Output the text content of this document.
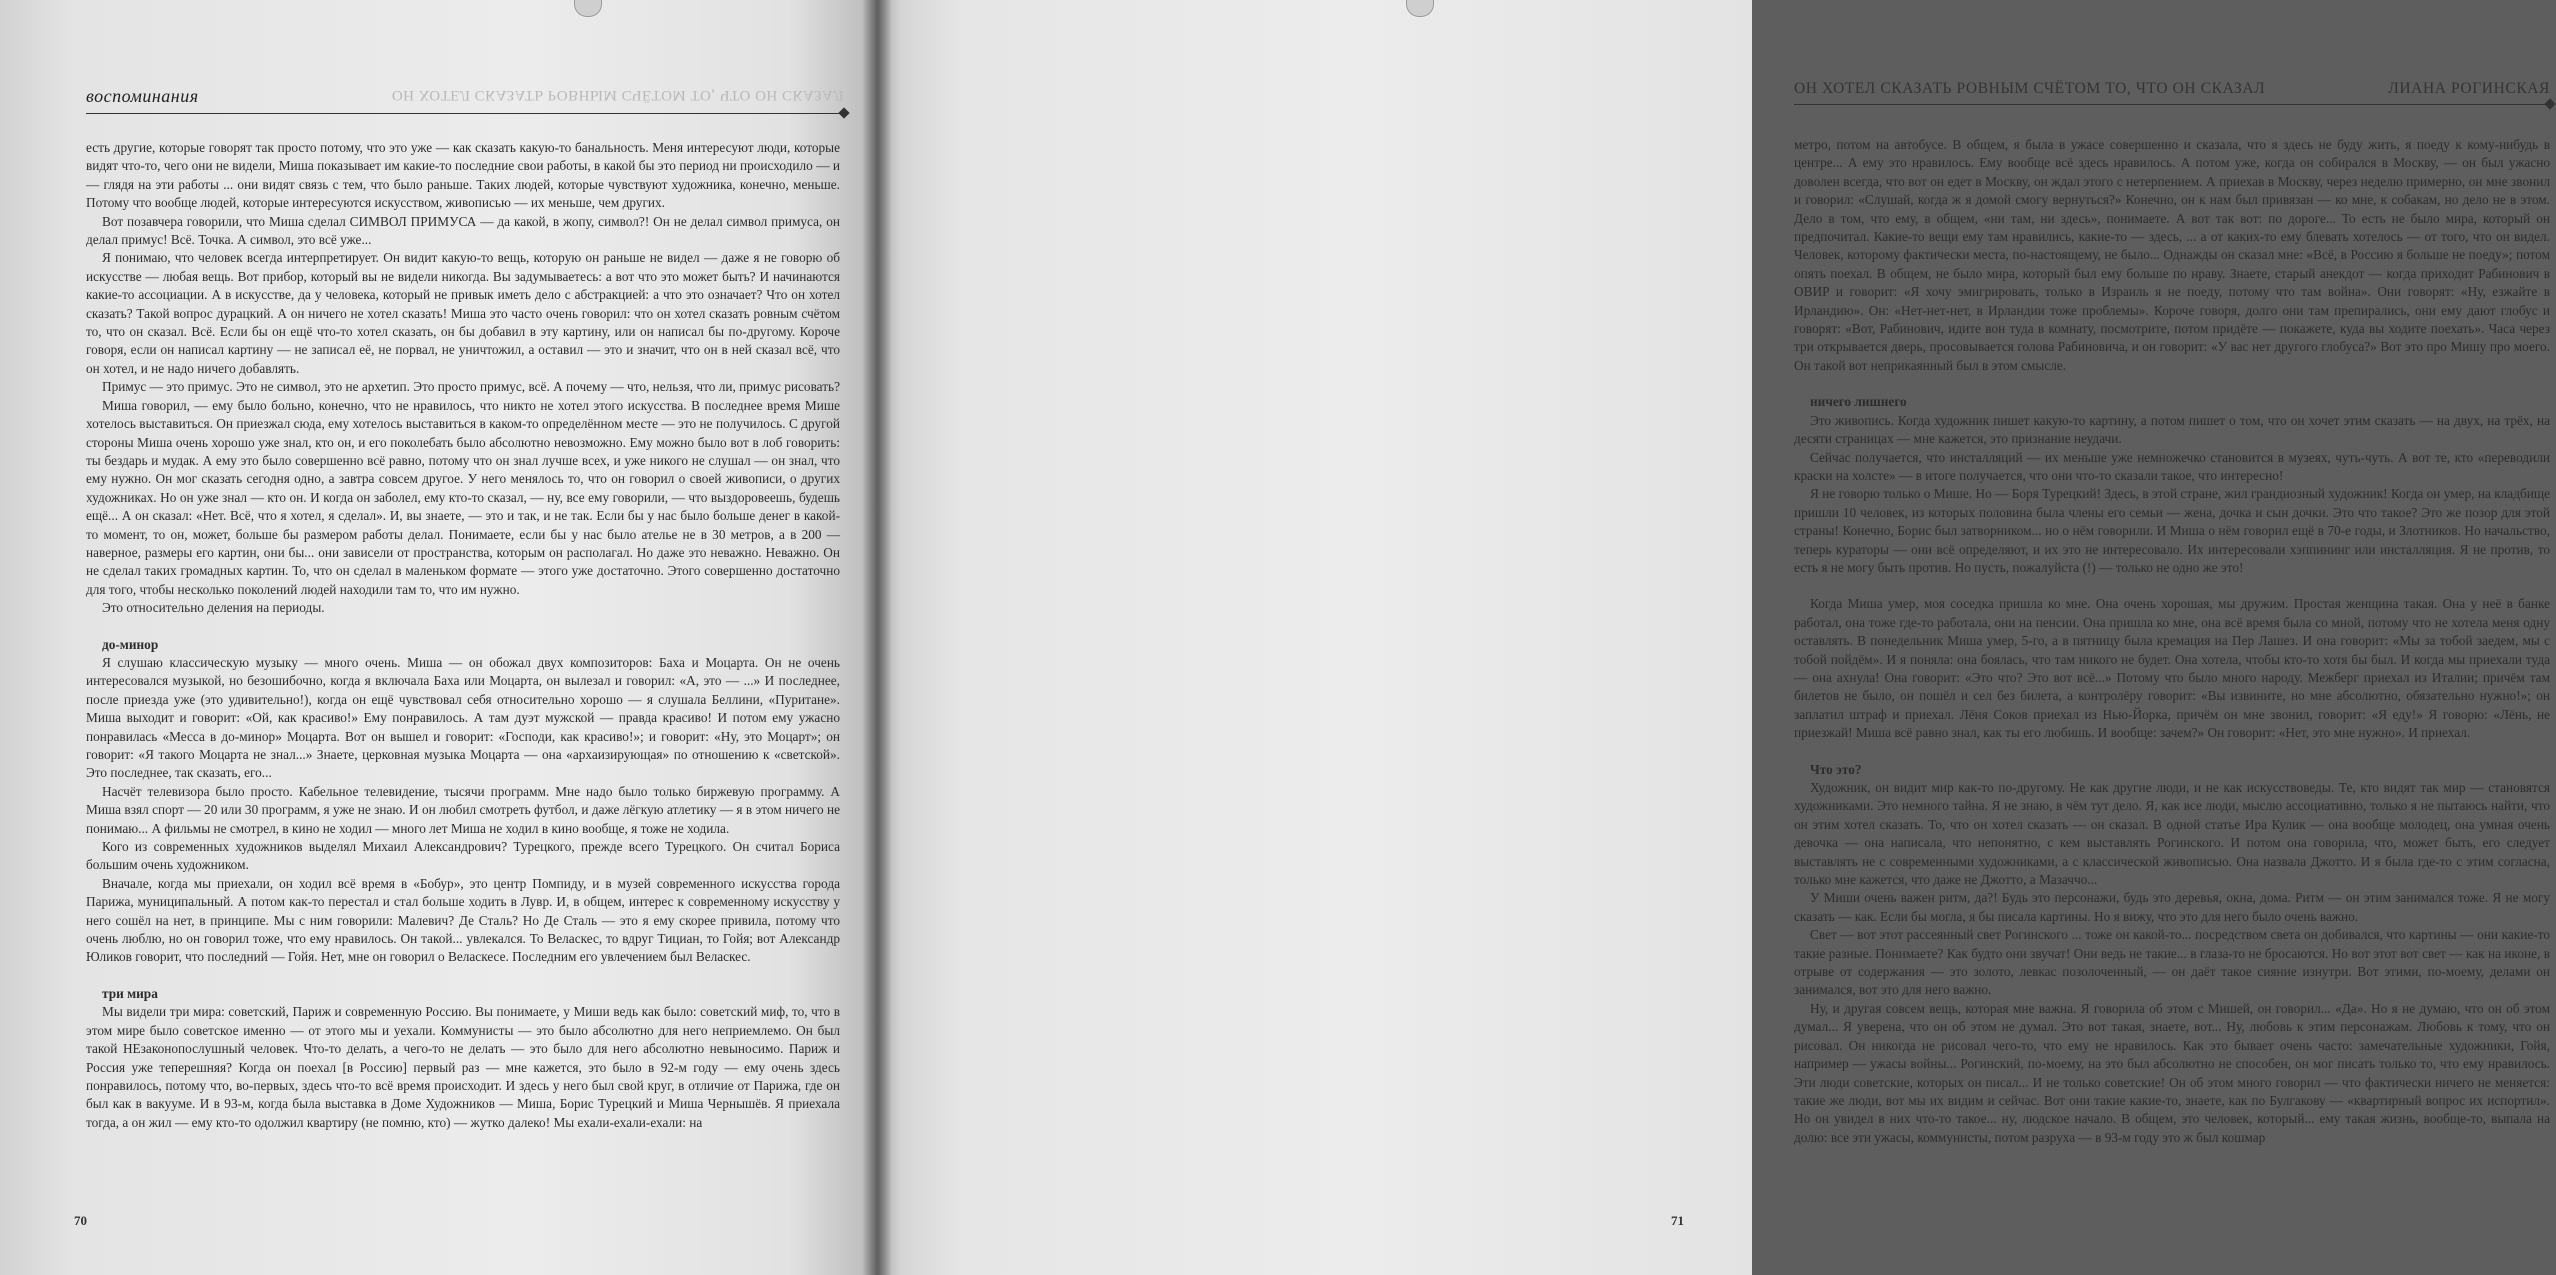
воспоминания	ОН ХОТЕЛ СКАЗАТЬ РОВНЫМ СЧЁТОМ ТО, ЧТО ОН СКАЗАЛ

есть другие, которые говорят так просто потому, что это уже — как сказать какую-то банальность. Меня интересуют люди, которые видят что-то, чего они не видели, Миша показывает им какие-то последние свои работы, в какой бы это период ни происходило — и — глядя на эти работы ... они видят связь с тем, что было раньше. Таких людей, которые чувствуют художника, конечно, меньше. Потому что вообще людей, которые интересуются искусством, живописью — их меньше, чем других.

Вот позавчера говорили, что Миша сделал СИМВОЛ ПРИМУСА — да какой, в жопу, символ?! Он не делал символ примуса, он делал примус! Всё. Точка. А символ, это всё уже...

Я понимаю, что человек всегда интерпретирует. Он видит какую-то вещь, которую он раньше не видел — даже я не говорю об искусстве — любая вещь. Вот прибор, который вы не видели никогда. Вы задумываетесь: а вот что это может быть? И начинаются какие-то ассоциации. А в искусстве, да у человека, который не привык иметь дело с абстракцией: а что это означает? Что он хотел сказать? Такой вопрос дурацкий. А он ничего не хотел сказать! Миша это часто очень говорил: что он хотел сказать ровным счётом то, что он сказал. Всё. Если бы он ещё что-то хотел сказать, он бы добавил в эту картину, или он написал бы по-другому. Короче говоря, если он написал картину — не записал её, не порвал, не уничтожил, а оставил — это и значит, что он в ней сказал всё, что он хотел, и не надо ничего добавлять.

Примус — это примус. Это не символ, это не архетип. Это просто примус, всё. А почему — что, нельзя, что ли, примус рисовать?

Миша говорил, — ему было больно, конечно, что не нравилось, что никто не хотел этого искусства. В последнее время Мише хотелось выставиться. Он приезжал сюда, ему хотелось выставиться в каком-то определённом месте — это не получилось. С другой стороны Миша очень хорошо уже знал, кто он, и его поколебать было абсолютно невозможно. Ему можно было вот в лоб говорить: ты бездарь и мудак. А ему это было совершенно всё равно, потому что он знал лучше всех, и уже никого не слушал — он знал, что ему нужно. Он мог сказать сегодня одно, а завтра совсем другое. У него менялось то, что он говорил о своей живописи, о других художниках. Но он уже знал — кто он. И когда он заболел, ему кто-то сказал, — ну, все ему говорили, — что выздоровеешь, будешь ещё... А он сказал: «Нет. Всё, что я хотел, я сделал». И, вы знаете, — это и так, и не так. Если бы у нас было больше денег в какой-то момент, то он, может, больше бы размером работы делал. Понимаете, если бы у нас было ателье не в 30 метров, а в 200 — наверное, размеры его картин, они бы... они зависели от пространства, которым он располагал. Но даже это неважно. Неважно. Он не сделал таких громадных картин. То, что он сделал в маленьком формате — этого уже достаточно. Этого совершенно достаточно для того, чтобы несколько поколений людей находили там то, что им нужно.

Это относительно деления на периоды.

до-минор

Я слушаю классическую музыку — много очень. Миша — он обожал двух композиторов: Баха и Моцарта. Он не очень интересовался музыкой, но безошибочно, когда я включала Баха или Моцарта, он вылезал и говорил: «А, это — ...» И последнее, после приезда уже (это удивительно!), когда он ещё чувствовал себя относительно хорошо — я слушала Беллини, «Пуритане». Миша выходит и говорит: «Ой, как красиво!» Ему понравилось. А там дуэт мужской — правда красиво! И потом ему ужасно понравилась «Месса в до-минор» Моцарта. Вот он вышел и говорит: «Господи, как красиво!»; и говорит: «Ну, это Моцарт»; он говорит: «Я такого Моцарта не знал...» Знаете, церковная музыка Моцарта — она «архаизирующая» по отношению к «светской». Это последнее, так сказать, его...

Насчёт телевизора было просто. Кабельное телевидение, тысячи программ. Мне надо было только биржевую программу. А Миша взял спорт — 20 или 30 программ, я уже не знаю. И он любил смотреть футбол, и даже лёгкую атлетику — я в этом ничего не понимаю... А фильмы не смотрел, в кино не ходил — много лет Миша не ходил в кино вообще, я тоже не ходила.

Кого из современных художников выделял Михаил Александрович? Турецкого, прежде всего Турецкого. Он считал Бориса большим очень художником.

Вначале, когда мы приехали, он ходил всё время в «Бобур», это центр Помпиду, и в музей современного искусства города Парижа, муниципальный. А потом как-то перестал и стал больше ходить в Лувр. И, в общем, интерес к современному искусству у него сошёл на нет, в принципе. Мы с ним говорили: Малевич? Де Сталь? Но Де Сталь — это я ему скорее привила, потому что очень люблю, но он говорил тоже, что ему нравилось. Он такой... увлекался. То Веласкес, то вдруг Тициан, то Гойя; вот Александр Юликов говорит, что последний — Гойя. Нет, мне он говорил о Веласкесе. Последним его увлечением был Веласкес.

три мира

Мы видели три мира: советский, Париж и современную Россию. Вы понимаете, у Миши ведь как было: советский миф, то, что в этом мире было советское именно — от этого мы и уехали. Коммунисты — это было абсолютно для него неприемлемо. Он был такой НЕзаконопослушный человек. Что-то делать, а чего-то не делать — это было для него абсолютно невыносимо. Париж и Россия уже теперешняя? Когда он поехал [в Россию] первый раз — мне кажется, это было в 92-м году — ему очень здесь понравилось, потому что, во-первых, здесь что-то всё время происходит. И здесь у него был свой круг, в отличие от Парижа, где он был как в вакууме. И в 93-м, когда была выставка в Доме Художников — Миша, Борис Турецкий и Миша Чернышёв. Я приехала тогда, а он жил — ему кто-то одолжил квартиру (не помню, кто) — жутко далеко! Мы ехали-ехали-ехали: на

70
ОН ХОТЕЛ СКАЗАТЬ РОВНЫМ СЧЁТОМ ТО, ЧТО ОН СКАЗАЛ	ЛИАНА РОГИНСКАЯ

метро, потом на автобусе. В общем, я была в ужасе совершенно и сказала, что я здесь не буду жить, я поеду к кому-нибудь в центре... А ему это нравилось. Ему вообще всё здесь нравилось. А потом уже, когда он собирался в Москву, — он был ужасно доволен всегда, что вот он едет в Москву, он ждал этого с нетерпением. А приехав в Москву, через неделю примерно, он мне звонил и говорил: «Слушай, когда ж я домой смогу вернуться?» Конечно, он к нам был привязан — ко мне, к собакам, но дело не в этом. Дело в том, что ему, в общем, «ни там, ни здесь», понимаете. А вот так вот: по дороге... То есть не было мира, который он предпочитал. Какие-то вещи ему там нравились, какие-то — здесь, ... а от каких-то ему блевать хотелось — от того, что он видел. Человек, которому фактически места, по-настоящему, не было... Однажды он сказал мне: «Всё, в Россию я больше не поеду»; потом опять поехал. В общем, не было мира, который был ему больше по нраву. Знаете, старый анекдот — когда приходит Рабинович в ОВИР и говорит: «Я хочу эмигрировать, только в Израиль я не поеду, потому что там война». Они говорят: «Ну, езжайте в Ирландию». Он: «Нет-нет-нет, в Ирландии тоже проблемы». Короче говоря, долго они там препирались, они ему дают глобус и говорят: «Вот, Рабинович, идите вон туда в комнату, посмотрите, потом придёте — покажете, куда вы ходите поехать». Часа через три открывается дверь, просовывается голова Рабиновича, и он говорит: «У вас нет другого глобуса?» Вот это про Мишу про моего. Он такой вот неприкаянный был в этом смысле.

ничего лишнего

Это живопись. Когда художник пишет какую-то картину, а потом пишет о том, что он хочет этим сказать — на двух, на трёх, на десяти страницах — мне кажется, это признание неудачи.

Сейчас получается, что инсталляций — их меньше уже немножечко становится в музеях, чуть-чуть. А вот те, кто «переводили краски на холсте» — в итоге получается, что они что-то сказали такое, что интересно!

Я не говорю только о Мише. Но — Боря Турецкий! Здесь, в этой стране, жил грандиозный художник! Когда он умер, на кладбище пришли 10 человек, из которых половина была члены его семьи — жена, дочка и сын дочки. Это что такое? Это же позор для этой страны! Конечно, Борис был затворником... но о нём говорили. И Миша о нём говорил ещё в 70-е годы, и Злотников. Но начальство, теперь кураторы — они всё определяют, и их это не интересовало. Их интересовали хэппининг или инсталляция. Я не против, то есть я не могу быть против. Но пусть, пожалуйста (!) — только не одно же это!

Когда Миша умер, моя соседка пришла ко мне. Она очень хорошая, мы дружим. Простая женщина такая. Она у неё в банке работал, она тоже где-то работала, они на пенсии. Она пришла ко мне, она всё время была со мной, потому что не хотела меня одну оставлять. В понедельник Миша умер, 5-го, а в пятницу была кремация на Пер Лашез. И она говорит: «Мы за тобой заедем, мы с тобой пойдём». И я поняла: она боялась, что там никого не будет. Она хотела, чтобы кто-то хотя бы был. И когда мы приехали туда — она ахнула! Она говорит: «Это что? Это вот всё...» Потому что было много народу. Межберг приехал из Италии; причём там билетов не было, он пошёл и сел без билета, а контролёру говорит: «Вы извините, но мне абсолютно, обязательно нужно!»; он заплатил штраф и приехал. Лёня Соков приехал из Нью-Йорка, причём он мне звонил, говорит: «Я еду!» Я говорю: «Лёнь, не приезжай! Миша всё равно знал, как ты его любишь. И вообще: зачем?» Он говорит: «Нет, это мне нужно». И приехал.

Что это?

Художник, он видит мир как-то по-другому. Не как другие люди, и не как искусствоведы. Те, кто видят так мир — становятся художниками. Это немного тайна. Я не знаю, в чём тут дело. Я, как все люди, мыслю ассоциативно, только я не пытаюсь найти, что он этим хотел сказать. То, что он хотел сказать — он сказал. В одной статье Ира Кулик — она вообще молодец, она умная очень девочка — она написала, что непонятно, с кем выставлять Рогинского. И потом она говорила, что, может быть, его следует выставлять не с современными художниками, а с классической живописью. Она назвала Джотто. И я была где-то с этим согласна, только мне кажется, что даже не Джотто, а Мазаччо...

У Миши очень важен ритм, да?! Будь это персонажи, будь это деревья, окна, дома. Ритм — он этим занимался тоже. Я не могу сказать — как. Если бы могла, я бы писала картины. Но я вижу, что это для него было очень важно.

Свет — вот этот рассеянный свет Рогинского ... тоже он какой-то... посредством света он добивался, что картины — они какие-то такие разные. Понимаете? Как будто они звучат! Они ведь не такие... в глаза-то не бросаются. Но вот этот вот свет — как на иконе, в отрыве от содержания — это золото, левкас позолоченный, — он даёт такое сияние изнутри. Вот этими, по-моему, делами он занимался, вот это для него важно.

Ну, и другая совсем вещь, которая мне важна. Я говорила об этом с Мишей, он говорил... «Да». Но я не думаю, что он об этом думал... Я уверена, что он об этом не думал. Это вот такая, знаете, вот... Ну, любовь к этим персонажам. Любовь к тому, что он рисовал. Он никогда не рисовал чего-то, что ему не нравилось. Как это бывает очень часто: замечательные художники, Гойя, например — ужасы войны... Рогинский, по-моему, на это был абсолютно не способен, он мог писать только то, что ему нравилось. Эти люди советские, которых он писал... И не только советские! Он об этом много говорил — что фактически ничего не меняется: такие же люди, вот мы их видим и сейчас. Вот они такие какие-то, знаете, как по Булгакову — «квартирный вопрос их испортил». Но он увидел в них что-то такое... ну, людское начало. В общем, это человек, который... ему такая жизнь, вообще-то, выпала на долю: все эти ужасы, коммунисты, потом разруха — в 93-м году это ж был кошмар

71
